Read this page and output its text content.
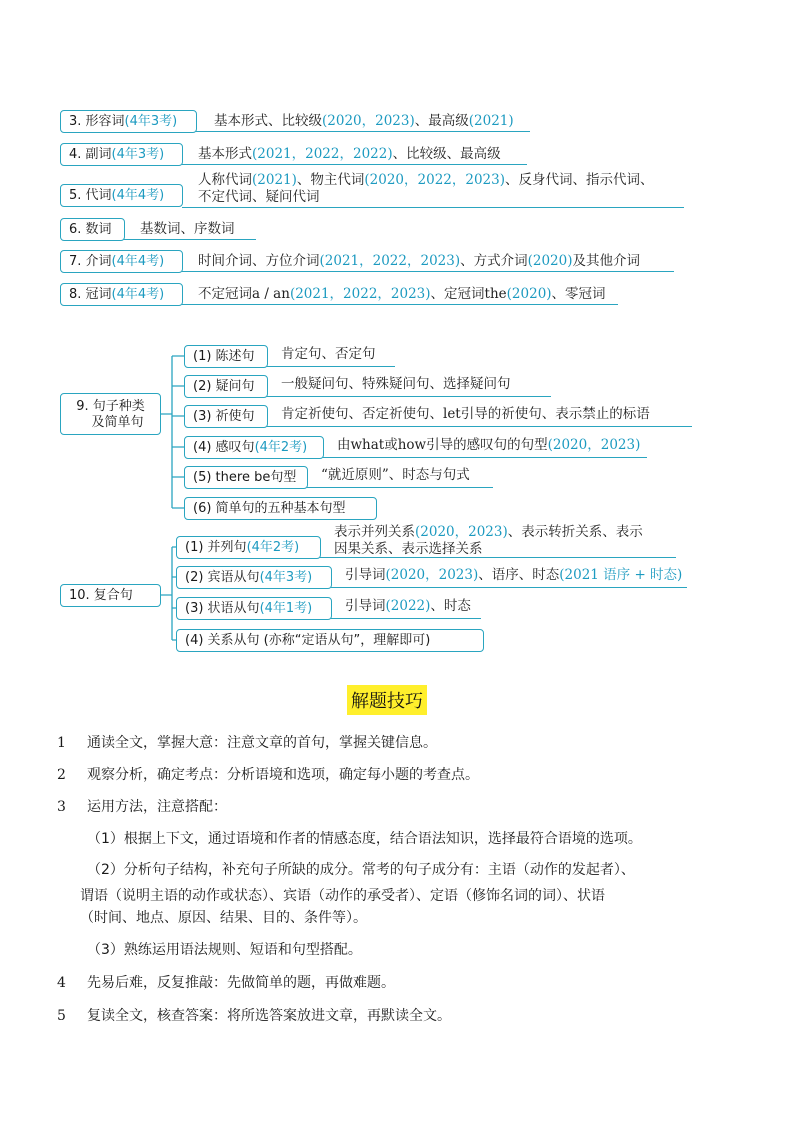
3. 形容词 (4年3考)	基本形式、比较级(2020，2023)、最高级(2021)
4. 副词 (4年3考)	基本形式(2021，2022，2022)、比较级、最高级
5. 代词 (4年4考)
人称代词(2021)、物主代词(2020，2022，2023)、反身代词、指示代词、
不定代词、疑问代词
6. 数词 基数词、序数词
7. 介词 (4年4考)	时间介词、方位介词(2021，2022，2023)、方式介词(2020)及其他介词
8. 冠词 (4年4考)	不定冠词a / an(2021，2022，2023)、定冠词the(2020)、零冠词
9. 句子种类
及简单句
(1) 陈述句 肯定句、否定句
(2) 疑问句 一般疑问句、特殊疑问句、选择疑问句
(3) 祈使句 肯定祈使句、否定祈使句、let引导的祈使句、表示禁止的标语
(4) 感叹句 (4年2考) 由what或how引导的感叹句的句型(2020，2023)
(5) there be句型 “就近原则”、时态与句式
(6) 简单句的五种基本句型
10. 复合句
(1) 并列句 (4年2考)
表示并列关系(2020，2023)、表示转折关系、表示
因果关系、表示选择关系
(2) 宾语从句 (4年3考) 引导词(2020，2023)、语序、时态(2021 语序 + 时态)
(3) 状语从句 (4年1考) 引导词(2022)、时态
(4) 关系从句 (亦称“定语从句”，理解即可)
解题技巧
1 通读全文，掌握大意：注意文章的首句，掌握关键信息。
2 观察分析，确定考点：分析语境和选项，确定每小题的考查点。
3 运用方法，注意搭配：
（1）根据上下文，通过语境和作者的情感态度，结合语法知识，选择最符合语境的选项。
（2）分析句子结构，补充句子所缺的成分。常考的句子成分有：主语（动作的发起者）、
谓语（说明主语的动作或状态）、宾语（动作的承受者）、定语（修饰名词的词）、状语
（时间、地点、原因、结果、目的、条件等）。
（3）熟练运用语法规则、短语和句型搭配。
4 先易后难，反复推敲：先做简单的题，再做难题。
5 复读全文，核查答案：将所选答案放进文章，再默读全文。
